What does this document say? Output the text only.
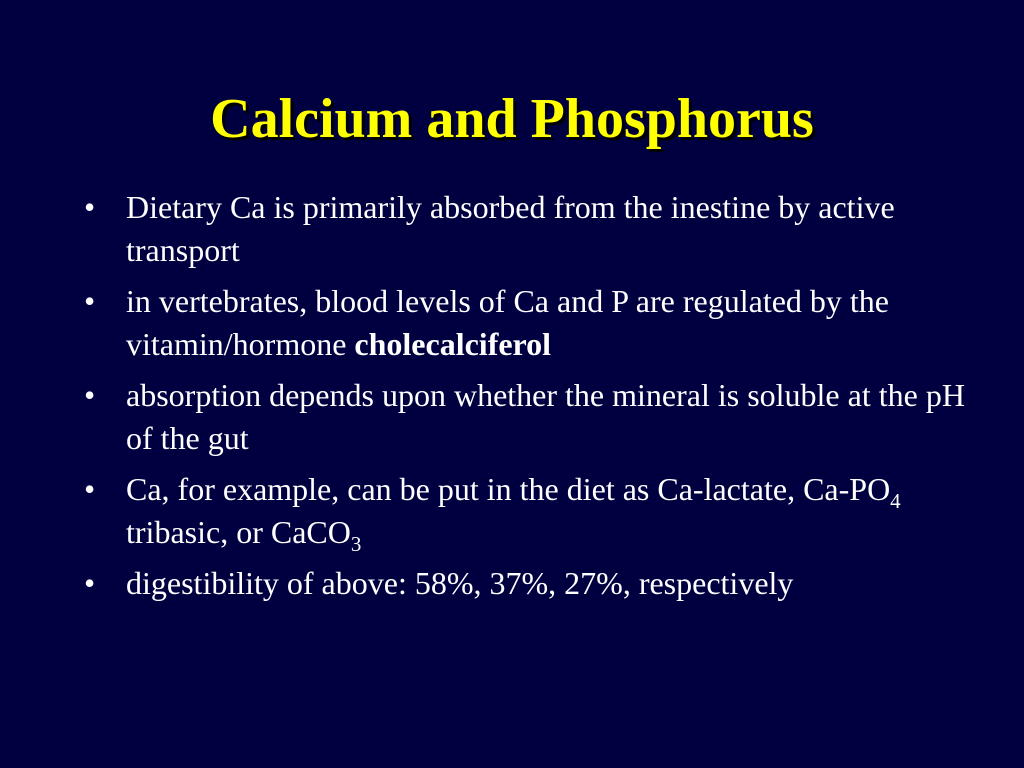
Calcium and Phosphorus
• Dietary Ca is primarily absorbed from the inestine by active transport
• in vertebrates, blood levels of Ca and P are regulated by the vitamin/hormone cholecalciferol
• absorption depends upon whether the mineral is soluble at the pH of the gut
• Ca, for example, can be put in the diet as Ca-lactate, $Ca-PO_4$ tribasic, or CaCO$_3$
• digestibility of above: 58%, 37%, 27%, respectively
